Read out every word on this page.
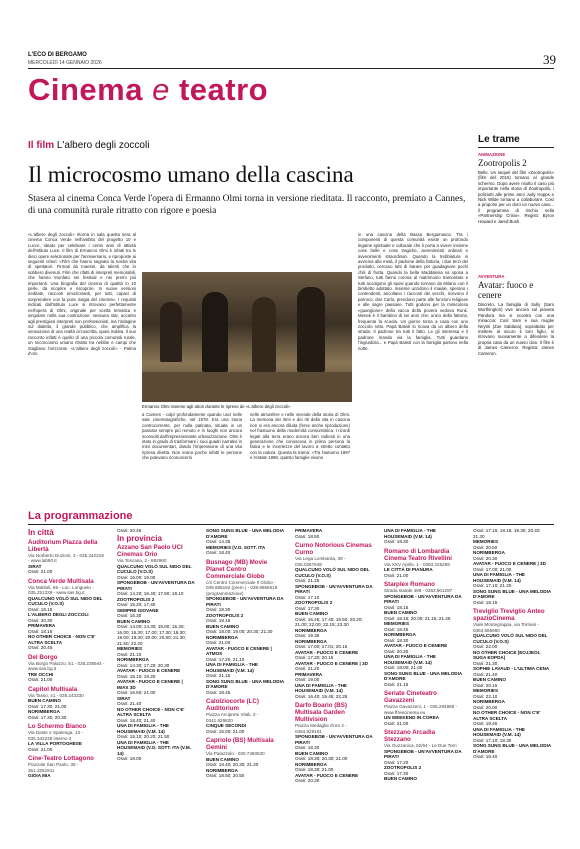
L'ECO DI BERGAMO
MERCOLEDÌ 14 GENNAIO 2026	39
Cinema e teatro
Il film L'albero degli zoccoli
Il microcosmo umano della cascina
Stasera al cinema Conca Verde l'opera di Ermanno Olmi torna in versione rieditata. Il racconto, premiato a Cannes, di una comunità rurale ritratto con rigore e poesia
«L'albero degli zoccoli» ritorna in sala questa sera al cinema Conca Verde nell'ambito del progetto 10 e Lucce, ideato per celebrare i cento anni di attività dell'Istituto Luce. Il film di Ermanno Olmi è infatti tra le dieci opere selezionate per l'anniversario, e riproposte ai seguenti criteri: «Film che hanno segnato la nostra vita di spettatori. Firmati da maestri, da talenti che lo sobbero divenuti. Film che rifatti di interpreti memorabili, che hanno trionfato nei festival e nei premi più importanti. Una biografia del cinema di qualità in 10 perle, da scoprire e riscoprire. In nuove versioni rieditate, racconti emozionanti, per tutti, capaci di sorprendere con la pura magia del cinema». I requisiti indicati dall'Istituto Luce si ritrovano perfettamente nell'opera di Olmi, originale per scelta tematica e singolare nella sua costruzione: nessuna star, accanto agli prestigiosi interpreti non professionisti, ma l'indagine sul dialetto, il grande pubblico, che amplifica la sensazione di una realtà circoscritta, quasi isolata. Il suo racconto infatti è quello di una piccola comunità rurale, un microcosmo umano ritratto tra nebbie e campi che ritagliano l'orizzonte. «L'albero degli zoccoli» - Palma d'oro
Ermanno Olmi insieme agli attori durante le riprese de «L'albero degli zoccoli»
a Cannes - colpì profondamente quando uscì nelle sale cinematografiche, nel 1978. Era una storia controcorrente, per nulla patinata, situata in un passato sempre più remoto e in luoghi non ancora sconvolti dall'impressionante urbanizzazione. Olmi è stato in grado di trasformare i suoi quadri narrativi in mini documentari, dando l'impressione di una vita ripresa diretta. Non erano poche infatti le persone che potevano riconoscersi
nelle atmosfere e nelle vicende della storia di Olmi. La memoria dei ritmi e dei riti della vita in cascina non si era ancora diluita (ferse anche riproduzione) nel frastuono della modernità consumistica. I ricordi legati alla terra erano ancora ben radicati in una generazione che conosceva in prima persona la fatica e le incertezze del lavoro a stretto contatto con la natura. Questa la trama: «Tra l'autunno 1897 e l'estate 1898, quattro famiglie vivono
in una cascina della Bassa Bergamasca. Tra i componenti di questa comunità esiste un profondo legame spirituale e culturale che li porta a vivere insieme cose belle e cose tragiche, avvenimenti ordinari e avvenimenti straordinari. Quando la trebbiatura si avvicina alla metà, il padrone della fattoria, i due terzi del prodotto, cercano tutti di barare per guadagnare pochi chili di frutta. Quando la bella Maddalena va sposa a Stefano, tutti fanno corona al matrimonio tramontato e tutti accolgono gli sposi quando tornano da Milano con il bimbetto adottato. Insieme uccidono il maiale, sperano i contendenti, ascoltano i racconti dei vecchi, ricevono il parroco, don Carlo, prendono parte alle funzioni religiose e alle sagre paesane. Tutti godono per la miracolosa «guarigione» della vacca della povera vedova Runk. Menek è il bambino di sei anni che, unico della fattoria, frequenta la scuola. Un giorno torna a casa con uno zoccolo rotto. Papà Batistì lo ricava da un albero della strada. Il padrone tra tutti il fatto. Le gli interessa e il padrone manda via la famiglia. Tutti guardano l'ingiustizia... e Papà Batistì con la famiglia partono nella notte.
Le trame
ANIMAZIONE
Zootropolis 2
Bello. Un sequel del film «Zootropolis» (film del 2016) tornano al grande schermo. Dopo avere risolto il caso più importante nella storia di Zootropolis, i poliziotti alle prime armi Judy Hopps e Nick Wilde tornano a collaborare. Così a proporsi per un doro un nuovo caso... il programma di rischio nella «Partnership Crisis». Registi: Byron Howard e Jared Bush.
AVVENTURA
Avatar: fuoco e cenere
Discreto. La famiglia di Sully (Sam Worthington) vive ancora sul pianeta Pandora ma si scontra con una minaccia: Così Sam e sua moglie Neytiri (Zoe Saldana), soprattutto per mettere al sicuro il loro figlio, si ritrovano nuovamente a difendere la propria casa da un nuovo clan. Il film è di James Cameron. Regista: James Cameron.
La programmazione
In città
Auditorium Piazza della Libertà
Via Norberto Duzioni, 3 - 035.342219 - www.lab80.it
SIRAT
Orari: 21.00
Conca Verde Multisala
Via Mattioli, 65 - Loc. Longuelo - 035.251339 - www.sas.bg.it
QUALCUNO VOLÒ SUL NIDO DEL CUCULO (V.O.S)
Orari: 18.15
L'ALBERO DEGLI ZOCCOLI
Orari: 20.30
PRIMAVERA
Orari: 18.15
NO OTHER CHOICE - NON C'E' ALTRA SCELTA
Orari: 20.45
Del Borgo
Via Borgo Palazzo, 51 - 035.236944 - www.sas.bg.it
TRE OCCHI
Orari: 21.00
Capitol Multisala
Via Tasso, 41 - 035.243330
BUEN CAMINO
Orari: 17.30, 21.00
NORIMBERGA
Orari: 17.30, 20.30
Lo Schermo Bianco
Via Daste e Spalenga, 13 - 035.342239 interno 4
LA VILLA PORTOGHESE
Orari: 21.00
Cine-Teatro Lottagono
Piazzale San Paolo, 35 - 351.3261911
GIOIA MIA
Orari: 20.45
In provincia
Azzano San Paolo UCI Cinemas Orio
Via Toscana, 2 - 892960
QUALCUNO VOLÒ SUL NIDO DEL CUCULO (V.O.S)
Orari: 16.00; 19.00
SPONGEBOB - UN'AVVENTURA DA PIRATI
Orari: 14.20; 16.40; 17.50; 19.10
ZOOTROPOLIS 2
Orari: 15.20; 17.40
SEMPRE GIOVANE
Orari: 16.30
BUEN CAMINO
Orari: 14.00; 14.30; 15.00; 15.30; 16.00; 16.30; 17.00; 17.30; 18.30; 19.00; 19.30; 20.00; 20.50; 21.30; 21.50; 22.20
MEMORIES
Orari: 21.10
NORIMBERGA
Orari: 14.30; 17.20; 20.30
AVATAR - FUOCO E CENERE
Orari: 15.10; 19.20
AVATAR - FUOCO E CENERE | IMAX 3D
Orari: 16.50; 21.00
SIRAT
Orari: 21.40
NO OTHER CHOICE - NON C'E' ALTRA SCELTA
Orari: 18.40; 21.40
UNA DI FAMIGLIA - THE HOUSEMAID (V.M. 14)
Orari: 15.10; 20.20; 21.50
UNA DI FAMIGLIA - THE HOUSEMAID (V.O. SOTT. ITA (V.M. 14)
Orari: 18.00
SONG SUNG BLUE - UNA MELODIA D'AMORE
Orari: 14.35
MEMORIES (V.O. SOTT. ITA
Orari: 18.40
Busnago (MB) Movie Planet Centro Commerciale Globo
c/o Centro Commerciale Il Globo - 039.695182 (prem.) - 039.6956516 (programmazione)
SPONGEBOB - UN'AVVENTURA DA PIRATI
Orari: 18.30
ZOOTROPOLIS 2
Orari: 18.15
BUEN CAMINO
Orari: 18.00; 19.00; 20.30; 21.30
NORIMBERGA
Orari: 21.00
AVATAR - FUOCO E CENERE | ATMOS
Orari: 17.20, 21.10
UNA DI FAMIGLIA - THE HOUSEMAID (V.M. 14)
Orari: 21.15
SONG SUNG BLUE - UNA MELODIA D'AMORE
Orari: 18.45
Calolziocorte (LC) Auditorium
Piazza Arciprete Vitali, 3 - 0341.629820
CINQUE SECONDI
Orari: 15.00; 21.00
Capriolo (BS) Multisala Gemini
Via Palazzolo - 030.7460530
BUEN CAMINO
Orari: 18.40; 20.30; 21.20
NORIMBERGA
Orari: 18.50; 20.50
PRIMAVERA
Orari: 18.50
Curno Notorious Cinemas Curno
Via Lega Lombarda, 39 - 035.0267648
QUALCUNO VOLÒ SUL NIDO DEL CUCULO (V.O.S)
Orari: 21.25
SPONGEBOB - UN'AVVENTURA DA PIRATI
Orari: 17.10
ZOOTROPOLIS 2
Orari: 17.30
BUEN CAMINO
Orari: 16.45; 17.40; 19.50; 20.20; 21.00; 22.00; 22.15; 22.30
NORIMBERGA
Orari: 19.35
NORIMBERGA
Orari: 17.00; 17.01; 20.15
AVATAR - FUOCO E CENERE
Orari: 17.30; 20.15
AVATAR - FUOCO E CENERE | 3D
Orari: 21.20
PRIMAVERA
Orari: 19.00
UNA DI FAMIGLIA - THE HOUSEMAID (V.M. 14)
Orari: 16.40; 19.45; 22.25
Darfo Boario (BS) Multisala Garden Multivision
Piazza Medaglie d'oro 2 - 0364.529101
SPONGEBOB - UN'AVVENTURA DA PIRATI
Orari: 18.30
BUEN CAMINO
Orari: 18.30; 20.30; 21.00
NORIMBERGA
Orari: 18.30; 21.00
AVATAR - FUOCO E CENERE
Orari: 20.30
UNA DI FAMIGLIA - THE HOUSEMAID (V.M. 14)
Orari: 18.30
Romano di Lombardia Cinema Teatro Rivellini
Via XXV Aprile, 1 - 0363.225269
LE CITTÀ DI PIANURA
Orari: 21.00
Starplex Romano
Strada statale 498 - 0363.901297
SPONGEBOB - UN'AVVENTURA DA PIRATI
Orari: 18.15
BUEN CAMINO
Orari: 18.15; 20.00; 21.15; 21.45
MEMORIES
Orari: 18.45
NORIMBERGA
Orari: 18.30
AVATAR - FUOCO E CENERE
Orari: 20.30
UNA DI FAMIGLIA - THE HOUSEMAID (V.M. 14)
Orari: 18.00; 21.00
SONG SUNG BLUE - UNA MELODIA D'AMORE
Orari: 21.15
Seriate Cineteatro Gavazzeni
Piazza Gavazzeni, 1 - 035.294868 - www.ffreecinema.eu
UN WEEKEND IN COREA
Orari: 21.00
Stezzano Arcadia Stezzano
Via Guzzanica, 62/64 - Le Due Torri
SPONGEBOB - UN'AVVENTURA DA PIRATI
Orari: 17.20
ZOOTROPOLIS 2
Orari: 17.30
BUEN CAMINO
Orari: 17.15; 18.15; 19.30; 20.40; 21.30
MEMORIES
Orari: 20.50
NORIMBERGA
Orari: 20.30
AVATAR - FUOCO E CENERE | 3D
Orari: 17.00; 21.00
UNA DI FAMIGLIA - THE HOUSEMAID (V.M. 14)
Orari: 17.10; 21.20
SONG SUNG BLUE - UNA MELODIA D'AMORE
Orari: 18.15
Treviglio Treviglio Anteo spazioCinema
Viale Montegrappa, via Torriani - 0363.565960
QUALCUNO VOLÒ SUL NIDO DEL CUCULO (V.O.S)
Orari: 22.00
NO OTHER CHOICE (EOJJEOL SUGA EOPDA)
Orari: 21.30
SOPHIE LAVAUD - L'ULTIMA CENA
Orari: 21.40
BUEN CAMINO
Orari: 20.15
MEMORIES
Orari: 22.10
NORIMBERGA
Orari: 20.00
NO OTHER CHOICE - NON C'E' ALTRA SCELTA
Orari: 19.45
UNA DI FAMIGLIA - THE HOUSEMAID (V.M. 14)
Orari: 17.10; 19.30
SONG SUNG BLUE - UNA MELODIA D'AMORE
Orari: 18.40
